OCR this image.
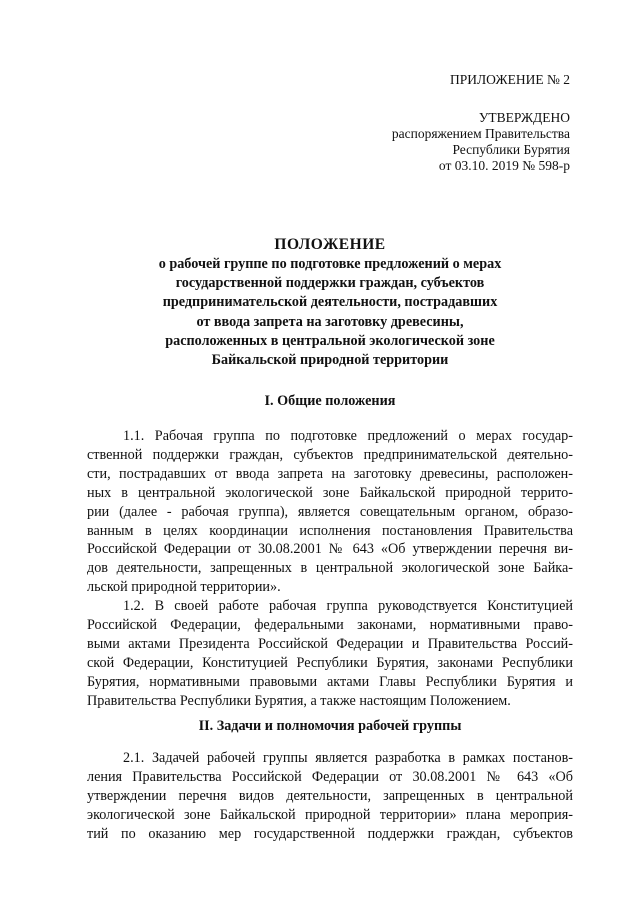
ПРИЛОЖЕНИЕ № 2
УТВЕРЖДЕНО
распоряжением Правительства
Республики Бурятия
от 03.10. 2019 № 598-р
ПОЛОЖЕНИЕ
о рабочей группе по подготовке предложений о мерах
государственной поддержки граждан, субъектов
предпринимательской деятельности, пострадавших
от ввода запрета на заготовку древесины,
расположенных в центральной экологической зоне
Байкальской природной территории
I. Общие положения

1.1. Рабочая группа по подготовке предложений о мерах государ-

ственной поддержки граждан, субъектов предпринимательской деятельно-

сти, пострадавших от ввода запрета на заготовку древесины, расположен-

ных в центральной экологической зоне Байкальской природной террито-

рии (далее - рабочая группа), является совещательным органом, образо-

ванным в целях координации исполнения постановления Правительства

Российской Федерации от 30.08.2001 № 643 «Об утверждении перечня ви-

дов деятельности, запрещенных в центральной экологической зоне Байка-

льской природной территории».

1.2. В своей работе рабочая группа руководствуется Конституцией

Российской Федерации, федеральными законами, нормативными право-

выми актами Президента Российской Федерации и Правительства Россий-

ской Федерации, Конституцией Республики Бурятия, законами Республики

Бурятия, нормативными правовыми актами Главы Республики Бурятия и

Правительства Республики Бурятия, а также настоящим Положением.

II. Задачи и полномочия рабочей группы

2.1. Задачей рабочей группы является разработка в рамках постанов-

ления Правительства Российской Федерации от 30.08.2001 № 643 «Об

утверждении перечня видов деятельности, запрещенных в центральной

экологической зоне Байкальской природной территории» плана мероприя-

тий по оказанию мер государственной поддержки граждан, субъектов
